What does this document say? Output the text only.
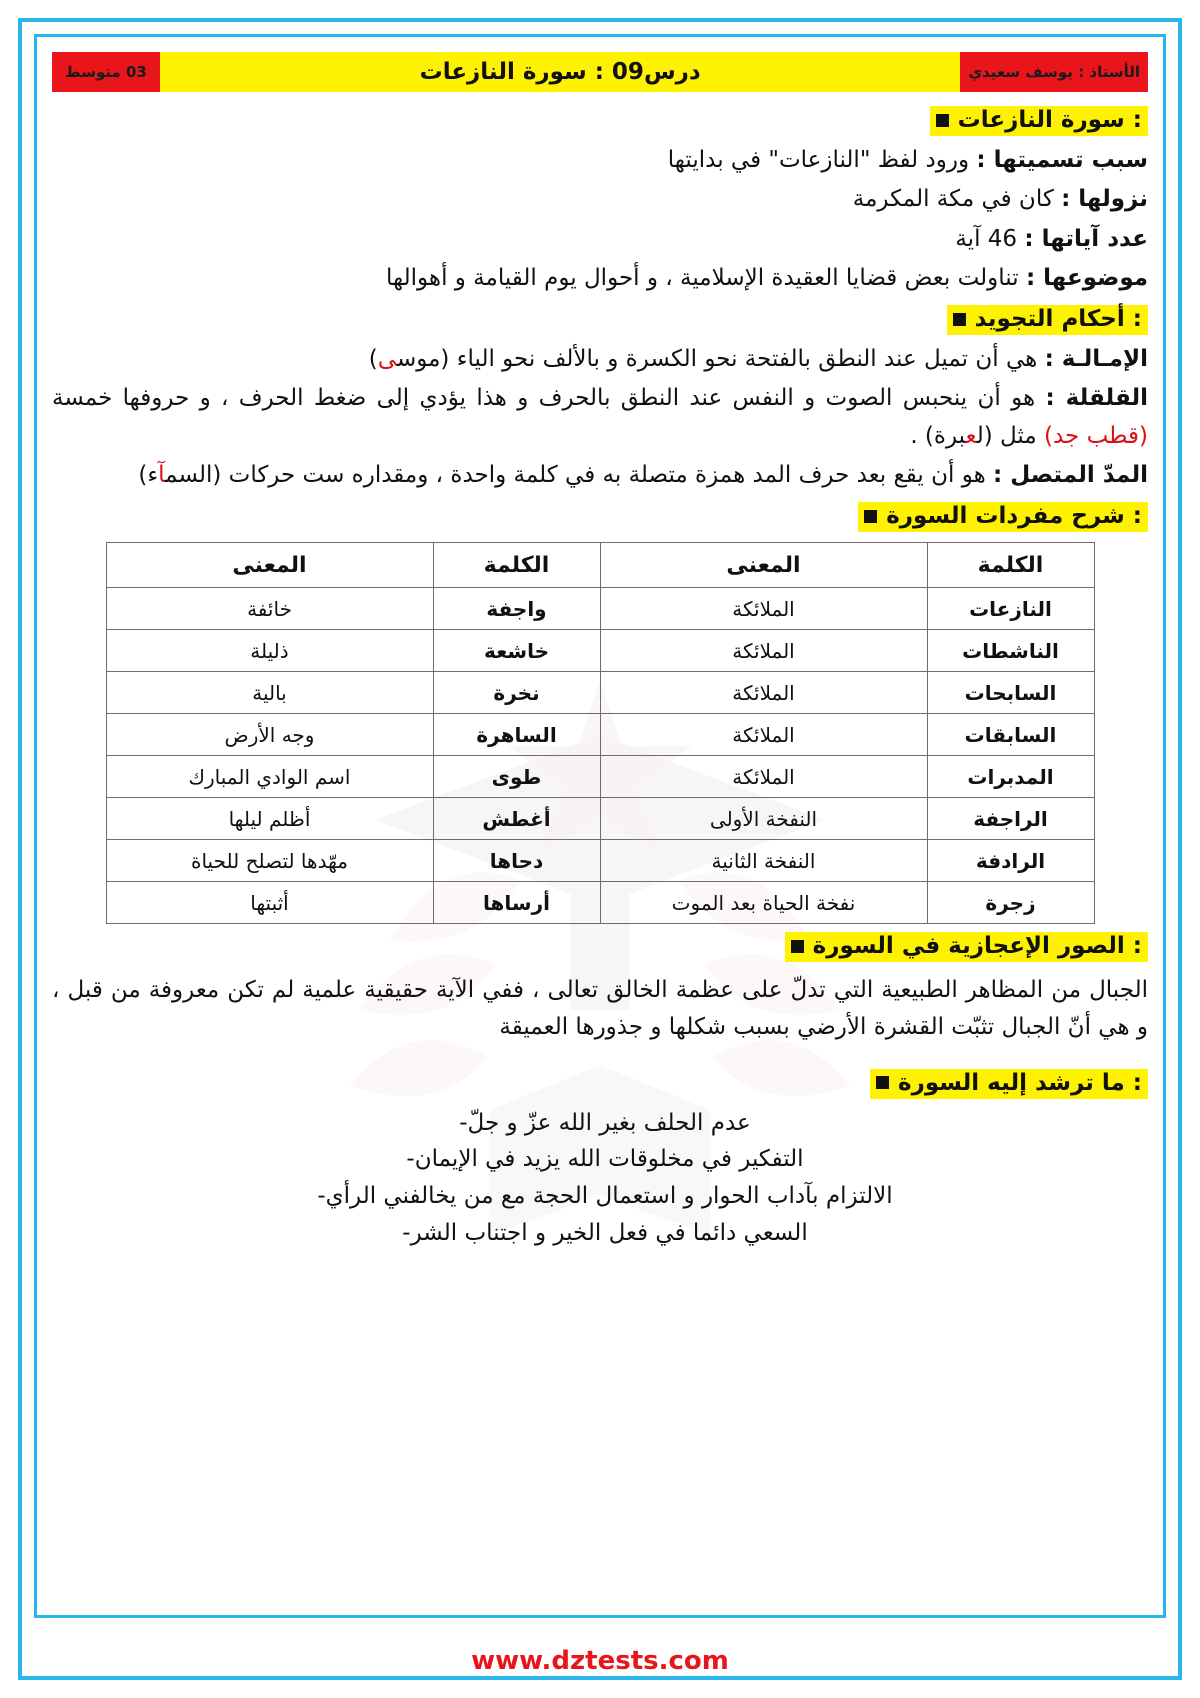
الأستاذ : يوسف سعيدي
درس09 : سورة النازعات
03 متوسط
سورة النازعات :

سبب تسميتها : ورود لفظ "النازعات" في بدايتها

نزولها : كان في مكة المكرمة

عدد آياتها : 46 آية

موضوعها : تناولت بعض قضايا العقيدة الإسلامية ، و أحوال يوم القيامة و أهوالها

أحكام التجويد :

الإمـالـة : هي أن تميل عند النطق بالفتحة نحو الكسرة و بالألف نحو الياء (موسى)

القلقلة : هو أن ينحبس الصوت و النفس عند النطق بالحرف و هذا يؤدي إلى ضغط الحرف ، و حروفها خمسة (قطب جد) مثل (لعبرة) .

المدّ المتصل : هو أن يقع بعد حرف المد همزة متصلة به في كلمة واحدة ، ومقداره ست حركات (السمآء)

شرح مفردات السورة :
الكلمة	المعنى	الكلمة	المعنى
النازعات	الملائكة	واجفة	خائفة
الناشطات	الملائكة	خاشعة	ذليلة
السابحات	الملائكة	نخرة	بالية
السابقات	الملائكة	الساهرة	وجه الأرض
المدبرات	الملائكة	طوى	اسم الوادي المبارك
الراجفة	النفخة الأولى	أغطش	أظلم ليلها
الرادفة	النفخة الثانية	دحاها	مهّدها لتصلح للحياة
زجرة	نفخة الحياة بعد الموت	أرساها	أثبتها
الصور الإعجازية في السورة :

الجبال من المظاهر الطبيعية التي تدلّ على عظمة الخالق تعالى ، ففي الآية حقيقية علمية لم تكن معروفة من قبل ، و هي أنّ الجبال تثبّت القشرة الأرضي بسبب شكلها و جذورها العميقة

ما ترشد إليه السورة :
عدم الحلف بغير الله عزّ و جلّ-
التفكير في مخلوقات الله يزيد في الإيمان-
الالتزام بآداب الحوار و استعمال الحجة مع من يخالفني الرأي-
السعي دائما في فعل الخير و اجتناب الشر-
www.dztests.com
